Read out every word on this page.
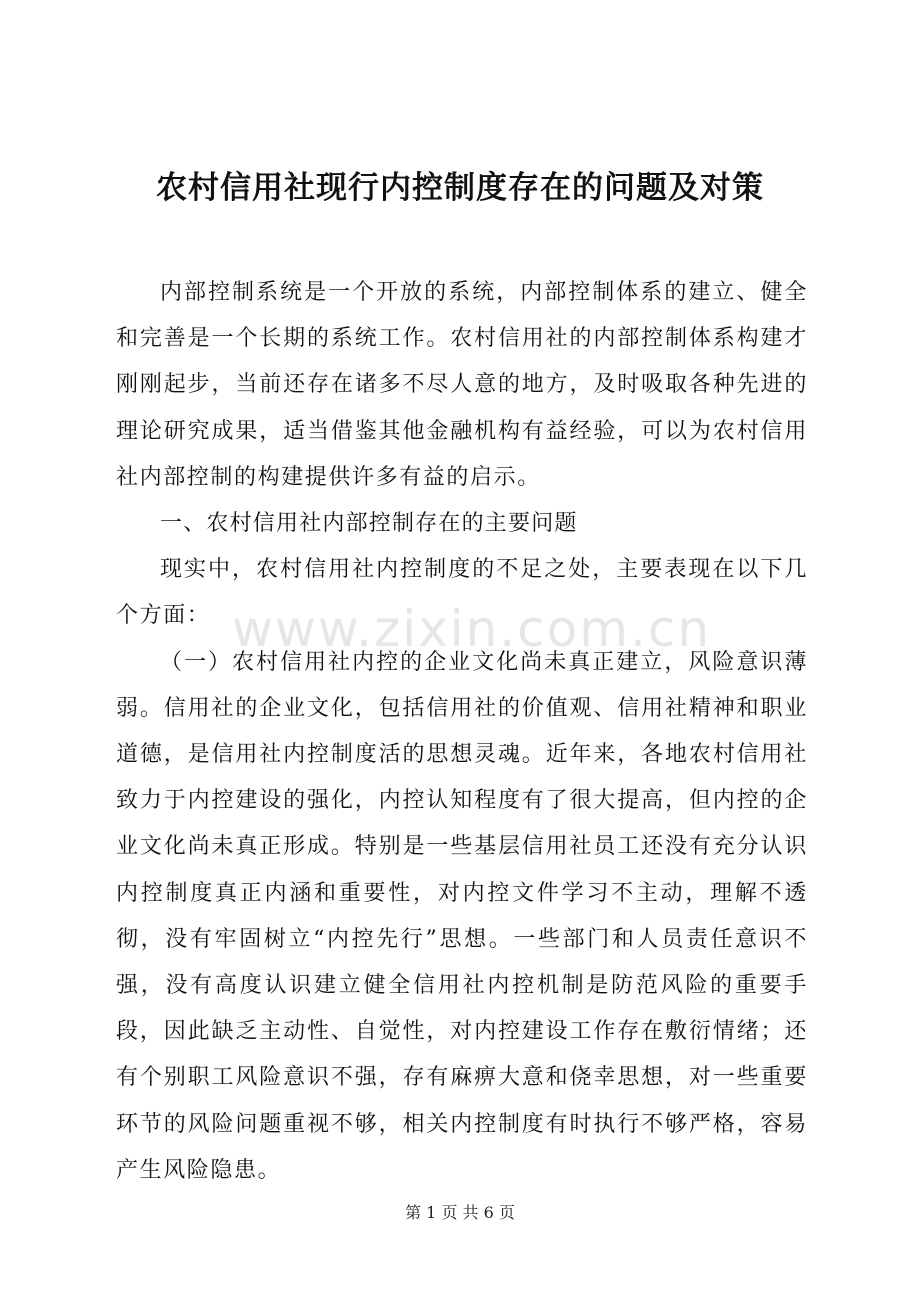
www.zixin.com.cn
农村信用社现行内控制度存在的问题及对策

内部控制系统是一个开放的系统，内部控制体系的建立、健全和完善是一个长期的系统工作。农村信用社的内部控制体系构建才刚刚起步，当前还存在诸多不尽人意的地方，及时吸取各种先进的理论研究成果，适当借鉴其他金融机构有益经验，可以为农村信用社内部控制的构建提供许多有益的启示。

一、农村信用社内部控制存在的主要问题

现实中，农村信用社内控制度的不足之处，主要表现在以下几个方面：

（一）农村信用社内控的企业文化尚未真正建立，风险意识薄弱。信用社的企业文化，包括信用社的价值观、信用社精神和职业道德，是信用社内控制度活的思想灵魂。近年来，各地农村信用社致力于内控建设的强化，内控认知程度有了很大提高，但内控的企业文化尚未真正形成。特别是一些基层信用社员工还没有充分认识内控制度真正内涵和重要性，对内控文件学习不主动，理解不透彻，没有牢固树立“内控先行”思想。一些部门和人员责任意识不强，没有高度认识建立健全信用社内控机制是防范风险的重要手段，因此缺乏主动性、自觉性，对内控建设工作存在敷衍情绪；还有个别职工风险意识不强，存有麻痹大意和侥幸思想，对一些重要环节的风险问题重视不够，相关内控制度有时执行不够严格，容易产生风险隐患。

第 1 页 共 6 页
